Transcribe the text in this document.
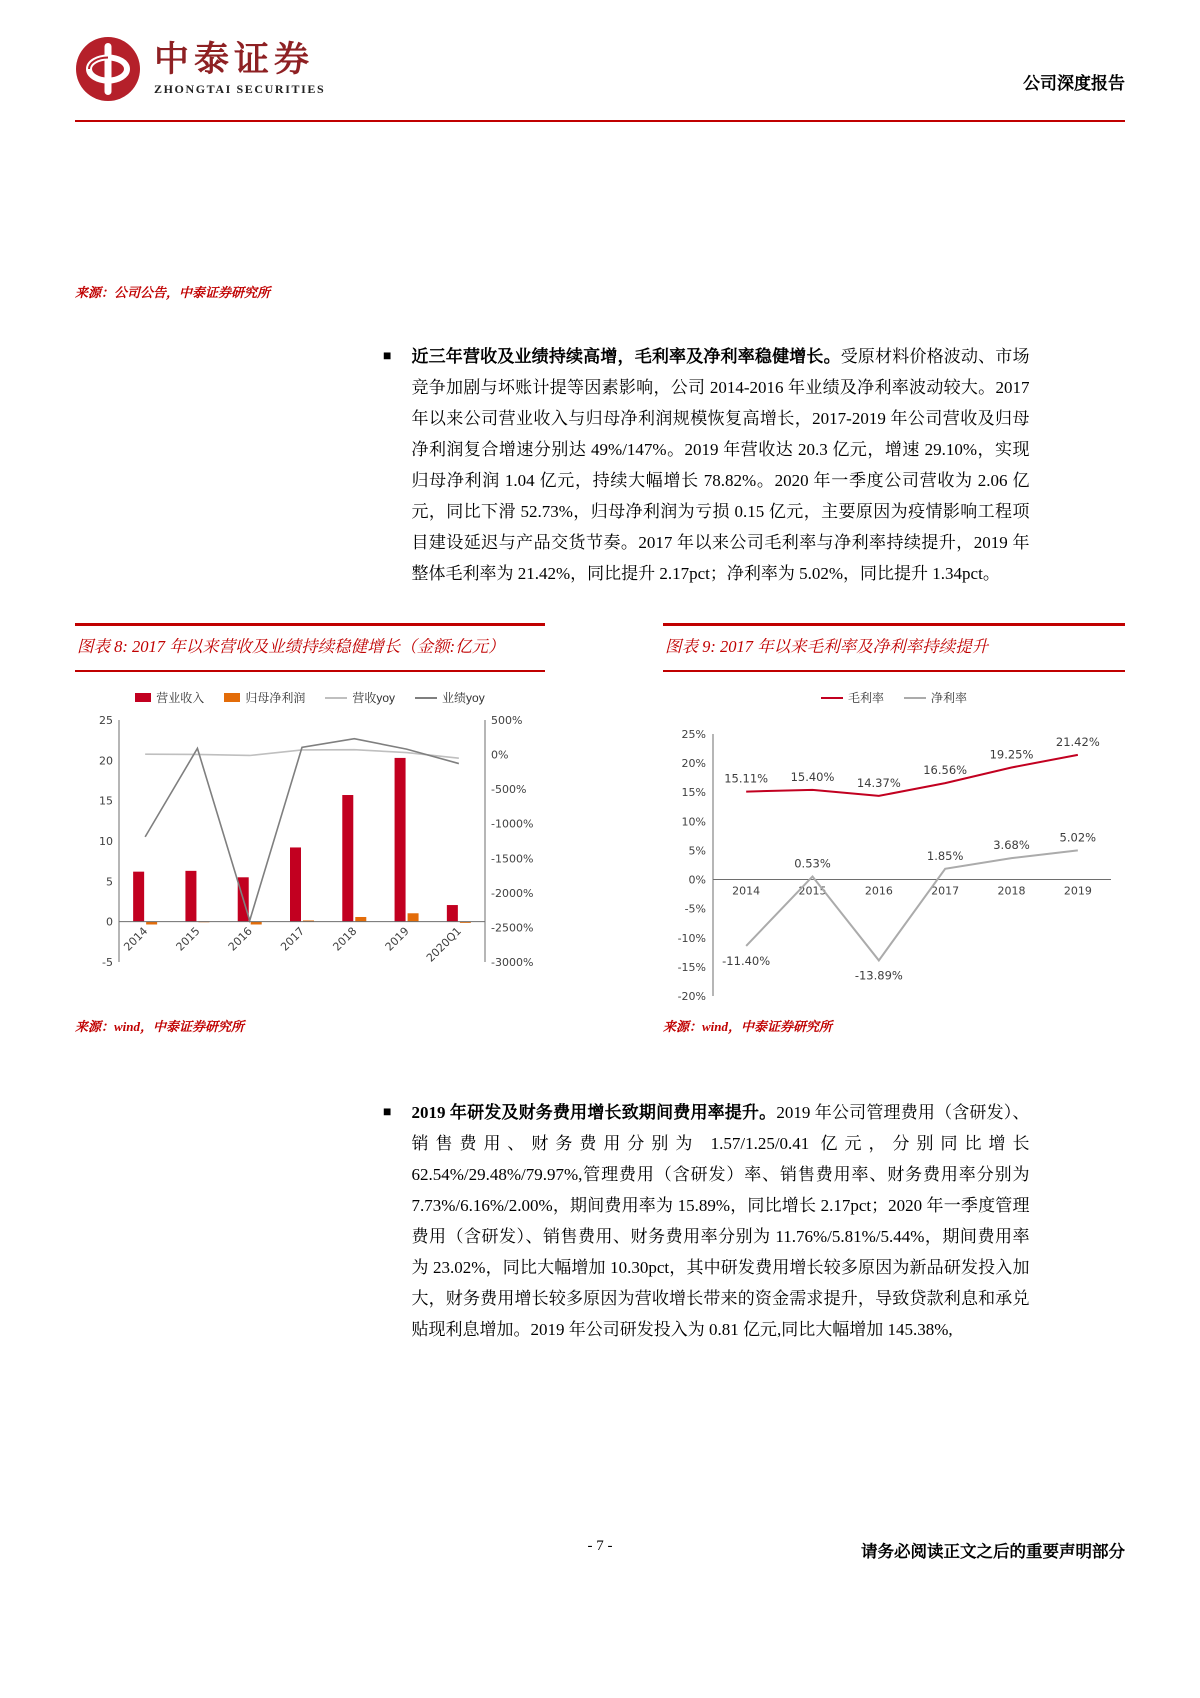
中泰证券
ZHONGTAI SECURITIES	公司深度报告
来源：公司公告，中泰证券研究所
■ 近三年营收及业绩持续高增，毛利率及净利率稳健增长。受原材料价格波动、市场竞争加剧与坏账计提等因素影响，公司 2014-2016 年业绩及净利率波动较大。2017 年以来公司营业收入与归母净利润规模恢复高增长，2017-2019 年公司营收及归母净利润复合增速分别达 49%/147%。2019 年营收达 20.3 亿元，增速 29.10%，实现归母净利润 1.04 亿元，持续大幅增长 78.82%。2020 年一季度公司营收为 2.06 亿元，同比下滑 52.73%，归母净利润为亏损 0.15 亿元，主要原因为疫情影响工程项目建设延迟与产品交货节奏。2017 年以来公司毛利率与净利率持续提升，2019 年整体毛利率为 21.42%，同比提升 2.17pct；净利率为 5.02%，同比提升 1.34pct。
图表 8: 2017 年以来营收及业绩持续稳健增长（金额:亿元）
营业收入	归母净利润	营收yoy	业绩yoy
25
20
15
10
5
0
-5
500%
0%
-500%
-1000%
-1500%
-2000%
-2500%
-3000%
2014 2015 2016 2017 2018 2019 2020Q1
来源：wind，中泰证券研究所
图表 9: 2017 年以来毛利率及净利率持续提升
毛利率	净利率
25%
20%
15%
10%
5%
0%
-5%
-10%
-15%
-20%
2014	2015	2016	2017	2018	2019
15.11% 15.40% 14.37%
16.56%
19.25%
21.42%
-11.40%
0.53%
-13.89%
1.85%
3.68%
5.02%
来源：wind，中泰证券研究所
■ 2019 年研发及财务费用增长致期间费用率提升。2019 年公司管理费用（含研发）、销售费用、财务费用分别为 1.57/1.25/0.41 亿元，分别同比增长 62.54%/29.48%/79.97%,管理费用（含研发）率、销售费用率、财务费用率分别为 7.73%/6.16%/2.00%，期间费用率为 15.89%，同比增长 2.17pct；2020 年一季度管理费用（含研发）、销售费用、财务费用率分别为 11.76%/5.81%/5.44%，期间费用率为 23.02%，同比大幅增加 10.30pct，其中研发费用增长较多原因为新品研发投入加大，财务费用增长较多原因为营收增长带来的资金需求提升，导致贷款利息和承兑贴现利息增加。2019 年公司研发投入为 0.81 亿元,同比大幅增加 145.38%,
- 7 -	请务必阅读正文之后的重要声明部分
